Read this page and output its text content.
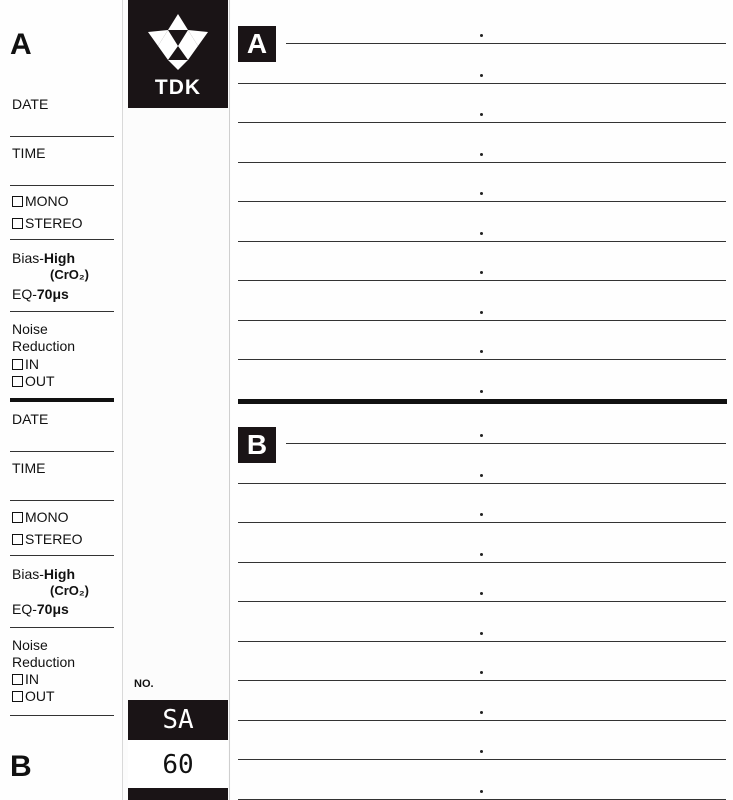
A
DATE
TIME
MONO
STEREO
Bias-High
(CrO₂)
EQ-70μs
Noise
Reduction
IN
OUT
DATE
TIME
MONO
STEREO
Bias-High
(CrO₂)
EQ-70μs
Noise
Reduction
IN
OUT
B
TDK
NO.
SA
60
A
B
